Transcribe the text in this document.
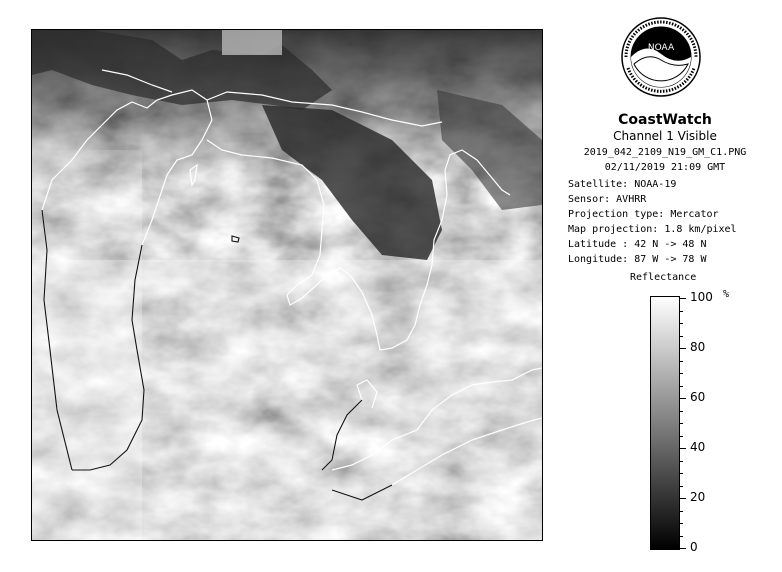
NOAA
CoastWatch
Channel 1 Visible
2019_042_2109_N19_GM_C1.PNG
02/11/2019 21:09 GMT
Satellite: NOAA-19
Sensor: AVHRR
Projection type: Mercator
Map projection: 1.8 km/pixel
Latitude : 42 N -> 48 N
Longitude: 87 W -> 78 W
Reflectance
%
100
80
60
40
20
0
